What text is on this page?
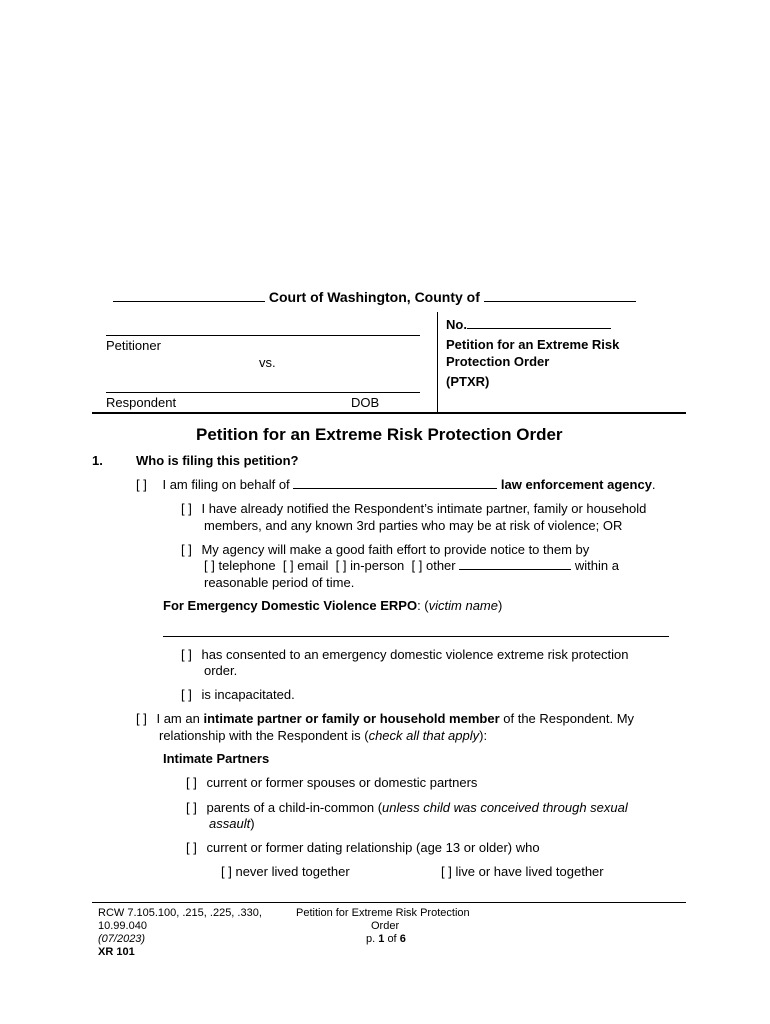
Court of Washington, County of
Petitioner
vs.
Respondent	DOB
No.
Petition for an Extreme Risk
Protection Order
(PTXR)
Petition for an Extreme Risk Protection Order
1.	Who is filing this petition?
[ ] I am filing on behalf of	law enforcement agency.
[ ] I have already notified the Respondent’s intimate partner, family or household
members, and any known 3rd parties who may be at risk of violence; OR
[ ] My agency will make a good faith effort to provide notice to them by
[ ] telephone [ ] email [ ] in-person [ ] other	within a
reasonable period of time.
For Emergency Domestic Violence ERPO: (victim name)
[ ] has consented to an emergency domestic violence extreme risk protection
order.
[ ] is incapacitated.
[ ] I am an intimate partner or family or household member of the Respondent. My
relationship with the Respondent is (check all that apply):
Intimate Partners
[ ] current or former spouses or domestic partners
[ ] parents of a child-in-common (unless child was conceived through sexual
assault)
[ ] current or former dating relationship (age 13 or older) who
[ ] never lived together	[ ] live or have lived together
RCW 7.105.100, .215, .225, .330,
10.99.040
(07/2023)
XR 101
Petition for Extreme Risk Protection
Order
p. 1 of 6
